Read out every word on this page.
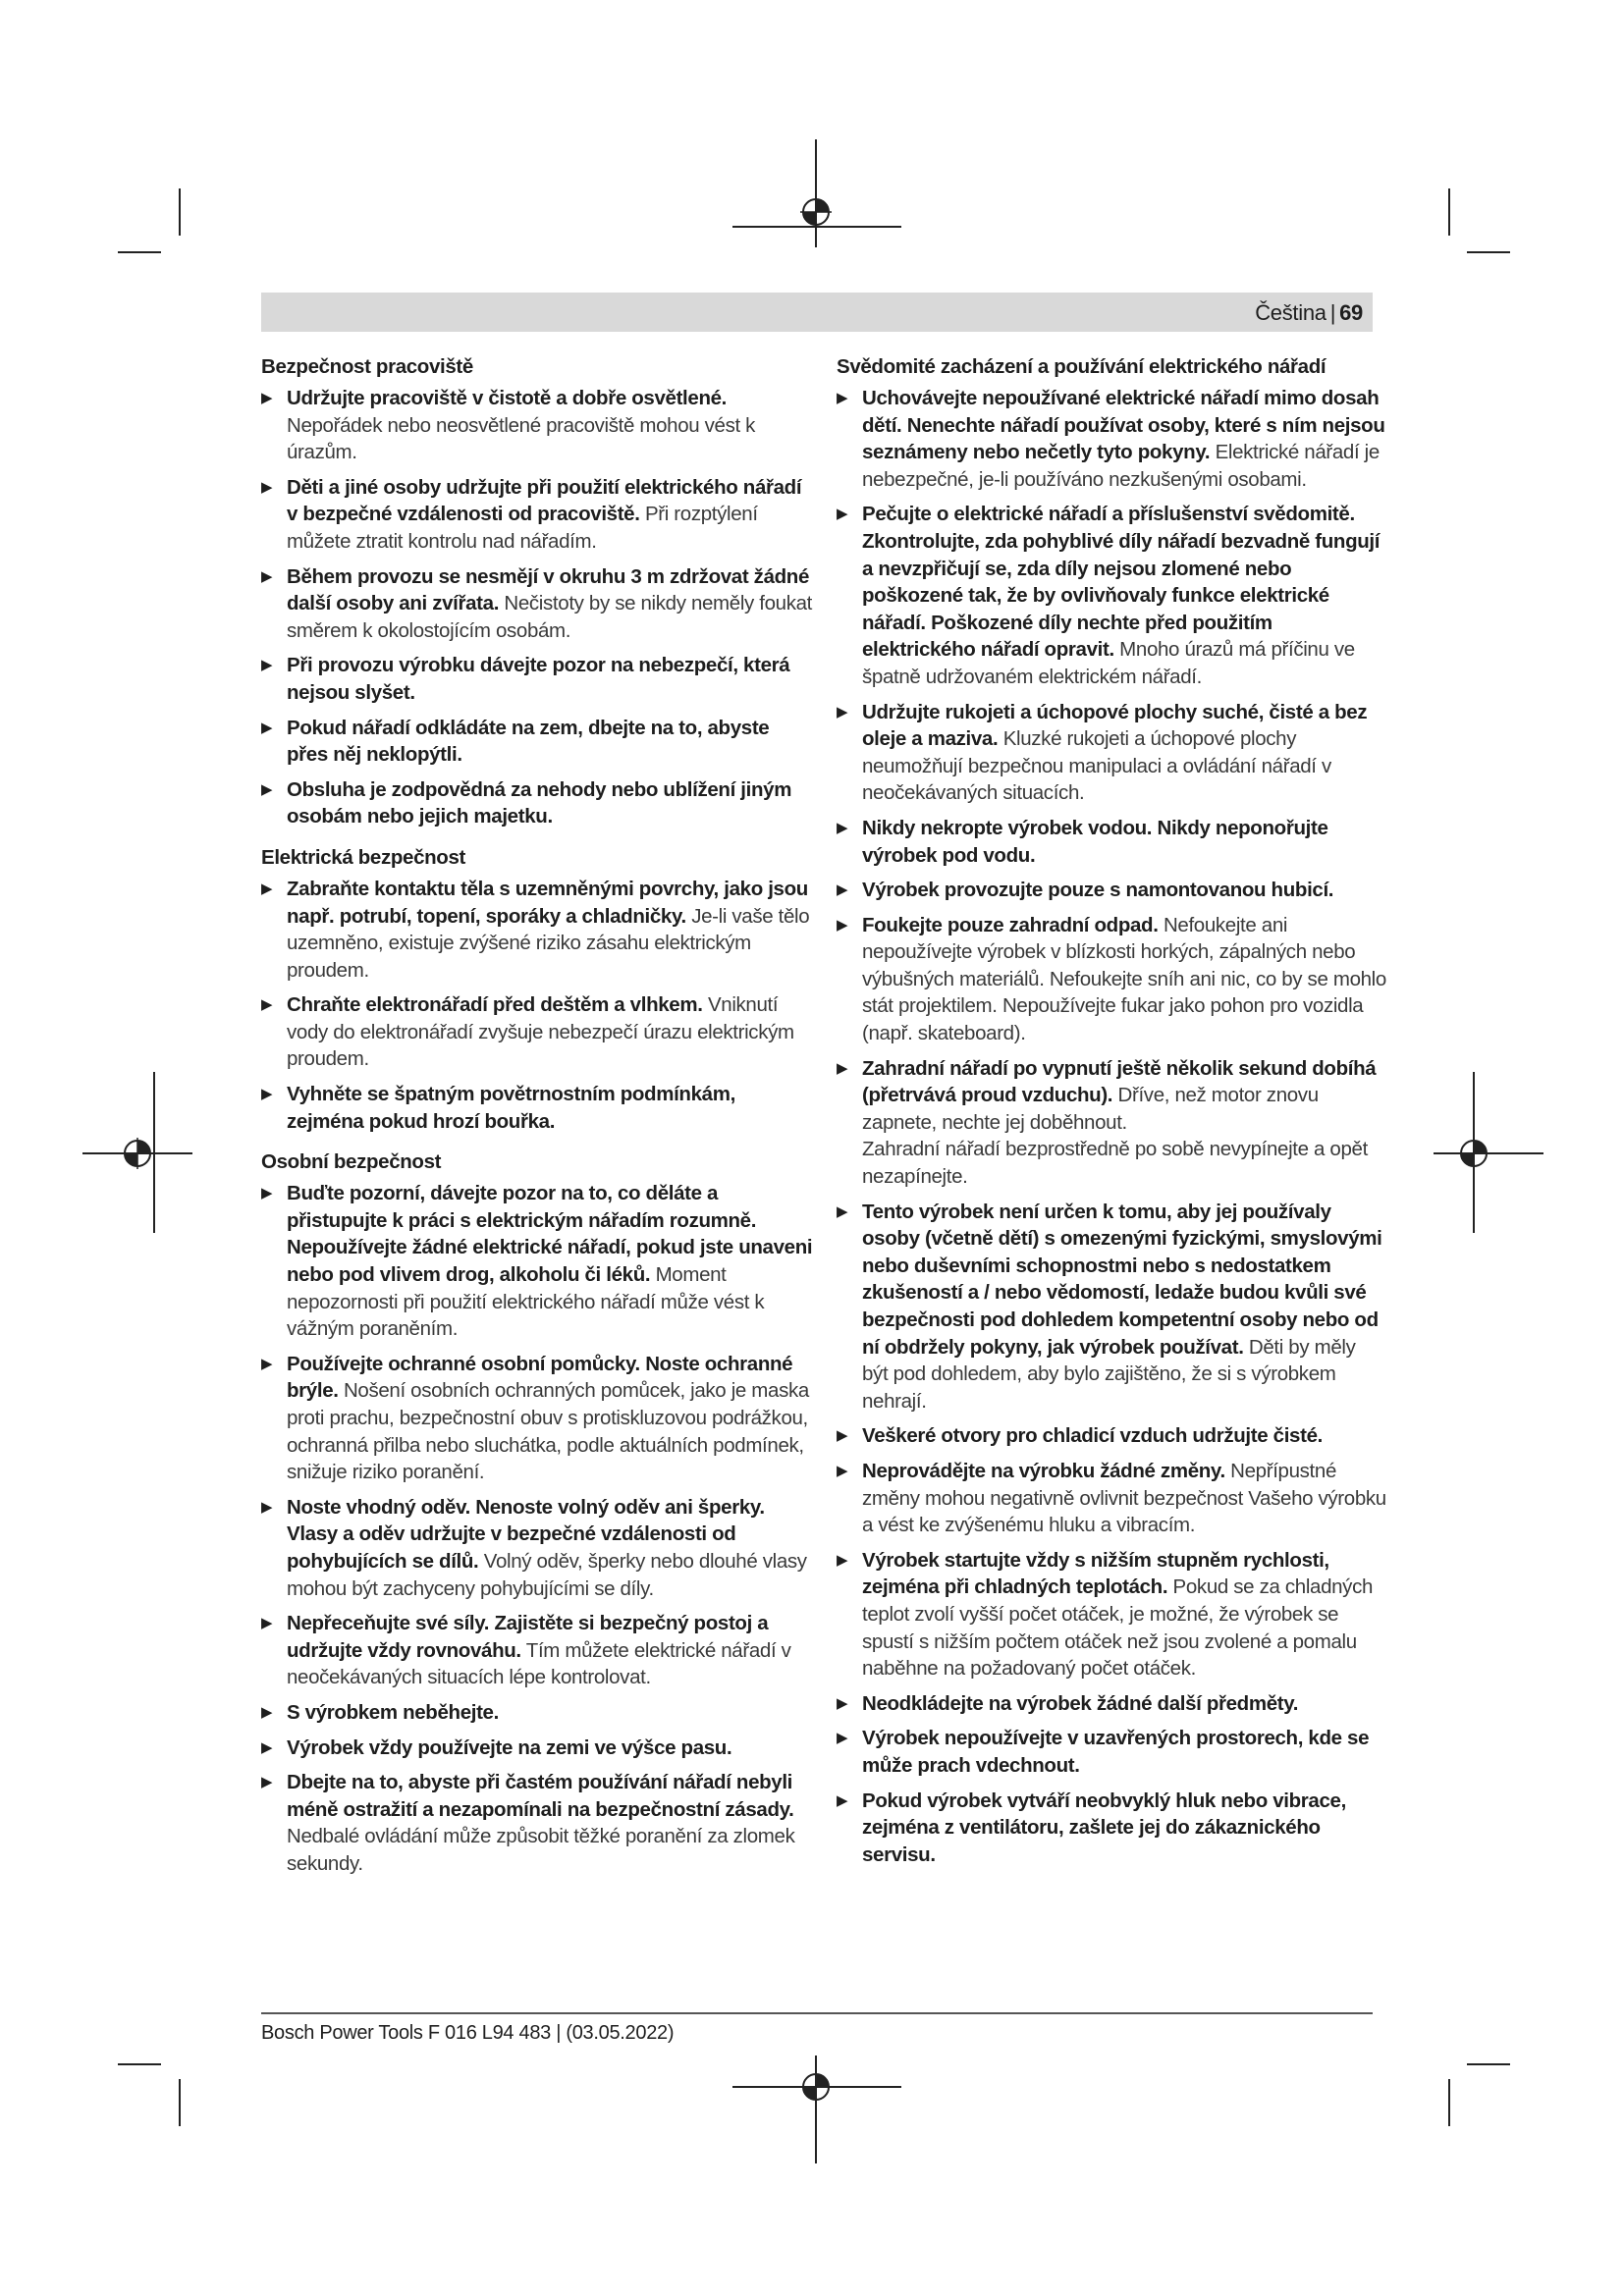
Čeština | 69
Bezpečnost pracoviště
▶ Udržujte pracoviště v čistotě a dobře osvětlené. Nepořádek nebo neosvětlené pracoviště mohou vést k úrazům.
▶ Děti a jiné osoby udržujte při použití elektrického nářadí v bezpečné vzdálenosti od pracoviště. Při rozptýlení můžete ztratit kontrolu nad nářadím.
▶ Během provozu se nesmějí v okruhu 3 m zdržovat žádné další osoby ani zvířata. Nečistoty by se nikdy neměly foukat směrem k okolostojícím osobám.
▶ Při provozu výrobku dávejte pozor na nebezpečí, která nejsou slyšet.
▶ Pokud nářadí odkládáte na zem, dbejte na to, abyste přes něj neklopýtli.
▶ Obsluha je zodpovědná za nehody nebo ublížení jiným osobám nebo jejich majetku.
Elektrická bezpečnost
▶ Zabraňte kontaktu těla s uzemněnými povrchy, jako jsou např. potrubí, topení, sporáky a chladničky. Je-li vaše tělo uzemněno, existuje zvýšené riziko zásahu elektrickým proudem.
▶ Chraňte elektronářadí před deštěm a vlhkem. Vniknutí vody do elektronářadí zvyšuje nebezpečí úrazu elektrickým proudem.
▶ Vyhněte se špatným povětrnostním podmínkám, zejména pokud hrozí bouřka.
Osobní bezpečnost
▶ Buďte pozorní, dávejte pozor na to, co děláte a přistupujte k práci s elektrickým nářadím rozumně. Nepoužívejte žádné elektrické nářadí, pokud jste unaveni nebo pod vlivem drog, alkoholu či léků. Moment nepozornosti při použití elektrického nářadí může vést k vážným poraněním.
▶ Používejte ochranné osobní pomůcky. Noste ochranné brýle. Nošení osobních ochranných pomůcek, jako je maska proti prachu, bezpečnostní obuv s protiskluzovou podrážkou, ochranná přilba nebo sluchátka, podle aktuálních podmínek, snižuje riziko poranění.
▶ Noste vhodný oděv. Nenoste volný oděv ani šperky. Vlasy a oděv udržujte v bezpečné vzdálenosti od pohybujících se dílů. Volný oděv, šperky nebo dlouhé vlasy mohou být zachyceny pohybujícími se díly.
▶ Nepřeceňujte své síly. Zajistěte si bezpečný postoj a udržujte vždy rovnováhu. Tím můžete elektrické nářadí v neočekávaných situacích lépe kontrolovat.
▶ S výrobkem neběhejte.
▶ Výrobek vždy používejte na zemi ve výšce pasu.
▶ Dbejte na to, abyste při častém používání nářadí nebyli méně ostražití a nezapomínali na bezpečnostní zásady. Nedbalé ovládání může způsobit těžké poranění za zlomek sekundy.
Svědomité zacházení a používání elektrického nářadí
▶ Uchovávejte nepoužívané elektrické nářadí mimo dosah dětí. Nenechte nářadí používat osoby, které s ním nejsou seznámeny nebo nečetly tyto pokyny. Elektrické nářadí je nebezpečné, je-li používáno nezkušenými osobami.
▶ Pečujte o elektrické nářadí a příslušenství svědomitě. Zkontrolujte, zda pohyblivé díly nářadí bezvadně fungují a nevzpřičují se, zda díly nejsou zlomené nebo poškozené tak, že by ovlivňovaly funkce elektrické nářadí. Poškozené díly nechte před použitím elektrického nářadí opravit. Mnoho úrazů má příčinu ve špatně udržovaném elektrickém nářadí.
▶ Udržujte rukojeti a úchopové plochy suché, čisté a bez oleje a maziva. Kluzké rukojeti a úchopové plochy neumožňují bezpečnou manipulaci a ovládání nářadí v neočekávaných situacích.
▶ Nikdy nekropte výrobek vodou. Nikdy neponořujte výrobek pod vodu.
▶ Výrobek provozujte pouze s namontovanou hubicí.
▶ Foukejte pouze zahradní odpad. Nefoukejte ani nepoužívejte výrobek v blízkosti horkých, zápalných nebo výbušných materiálů. Nefoukejte sníh ani nic, co by se mohlo stát projektilem. Nepoužívejte fukar jako pohon pro vozidla (např. skateboard).
▶ Zahradní nářadí po vypnutí ještě několik sekund dobíhá (přetrvává proud vzduchu). Dříve, než motor znovu zapnete, nechte jej doběhnout.
Zahradní nářadí bezprostředně po sobě nevypínejte a opět nezapínejte.
▶ Tento výrobek není určen k tomu, aby jej používaly osoby (včetně dětí) s omezenými fyzickými, smyslovými nebo duševními schopnostmi nebo s nedostatkem zkušeností a / nebo vědomostí, ledaže budou kvůli své bezpečnosti pod dohledem kompetentní osoby nebo od ní obdržely pokyny, jak výrobek používat. Děti by měly být pod dohledem, aby bylo zajištěno, že si s výrobkem nehrají.
▶ Veškeré otvory pro chladicí vzduch udržujte čisté.
▶ Neprovádějte na výrobku žádné změny. Nepřípustné změny mohou negativně ovlivnit bezpečnost Vašeho výrobku a vést ke zvýšenému hluku a vibracím.
▶ Výrobek startujte vždy s nižším stupněm rychlosti, zejména při chladných teplotách. Pokud se za chladných teplot zvolí vyšší počet otáček, je možné, že výrobek se spustí s nižším počtem otáček než jsou zvolené a pomalu naběhne na požadovaný počet otáček.
▶ Neodkládejte na výrobek žádné další předměty.
▶ Výrobek nepoužívejte v uzavřených prostorech, kde se může prach vdechnout.
▶ Pokud výrobek vytváří neobvyklý hluk nebo vibrace, zejména z ventilátoru, zašlete jej do zákaznického servisu.
Bosch Power Tools F 016 L94 483 | (03.05.2022)
